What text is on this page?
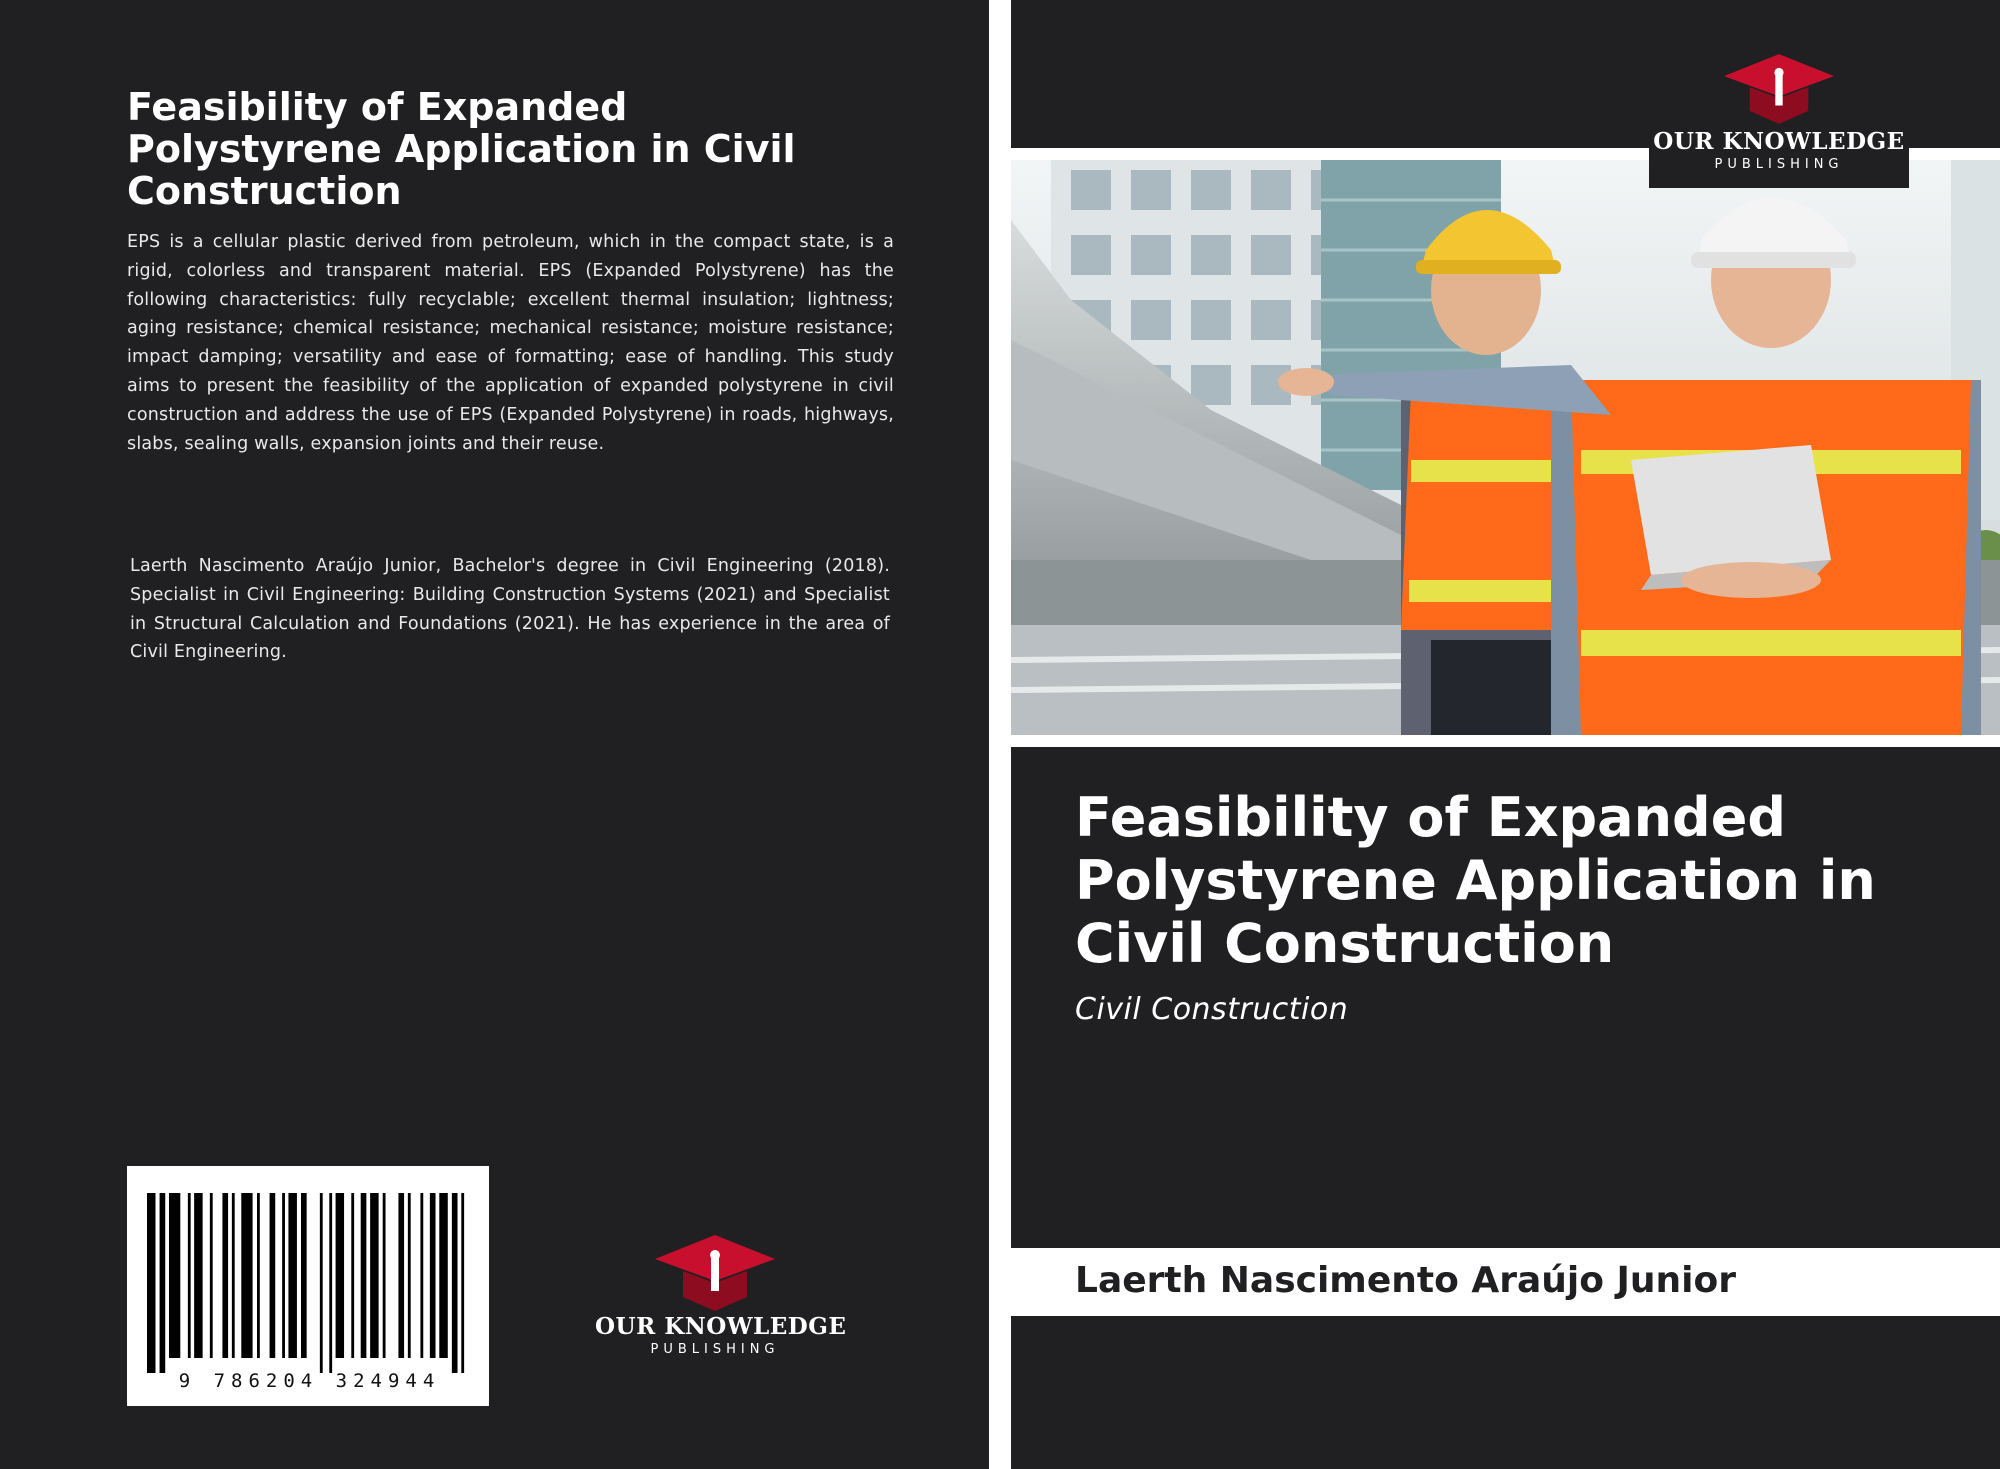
Feasibility of Expanded Polystyrene Application in Civil Construction

EPS is a cellular plastic derived from petroleum, which in the compact state, is a rigid, colorless and transparent material. EPS (Expanded Polystyrene) has the following characteristics: fully recyclable; excellent thermal insulation; lightness; aging resistance; chemical resistance; mechanical resistance; moisture resistance; impact damping; versatility and ease of formatting; ease of handling. This study aims to present the feasibility of the application of expanded polystyrene in civil construction and address the use of EPS (Expanded Polystyrene) in roads, highways, slabs, sealing walls, expansion joints and their reuse.

Laerth Nascimento Araújo Junior, Bachelor's degree in Civil Engineering (2018). Specialist in Civil Engineering: Building Construction Systems (2021) and Specialist in Structural Calculation and Foundations (2021). He has experience in the area of Civil Engineering.

9 786204 324944
OUR KNOWLEDGE
PUBLISHING
OUR KNOWLEDGE
PUBLISHING
Feasibility of Expanded Polystyrene Application in Civil Construction
Civil Construction
Laerth Nascimento Araújo Junior
